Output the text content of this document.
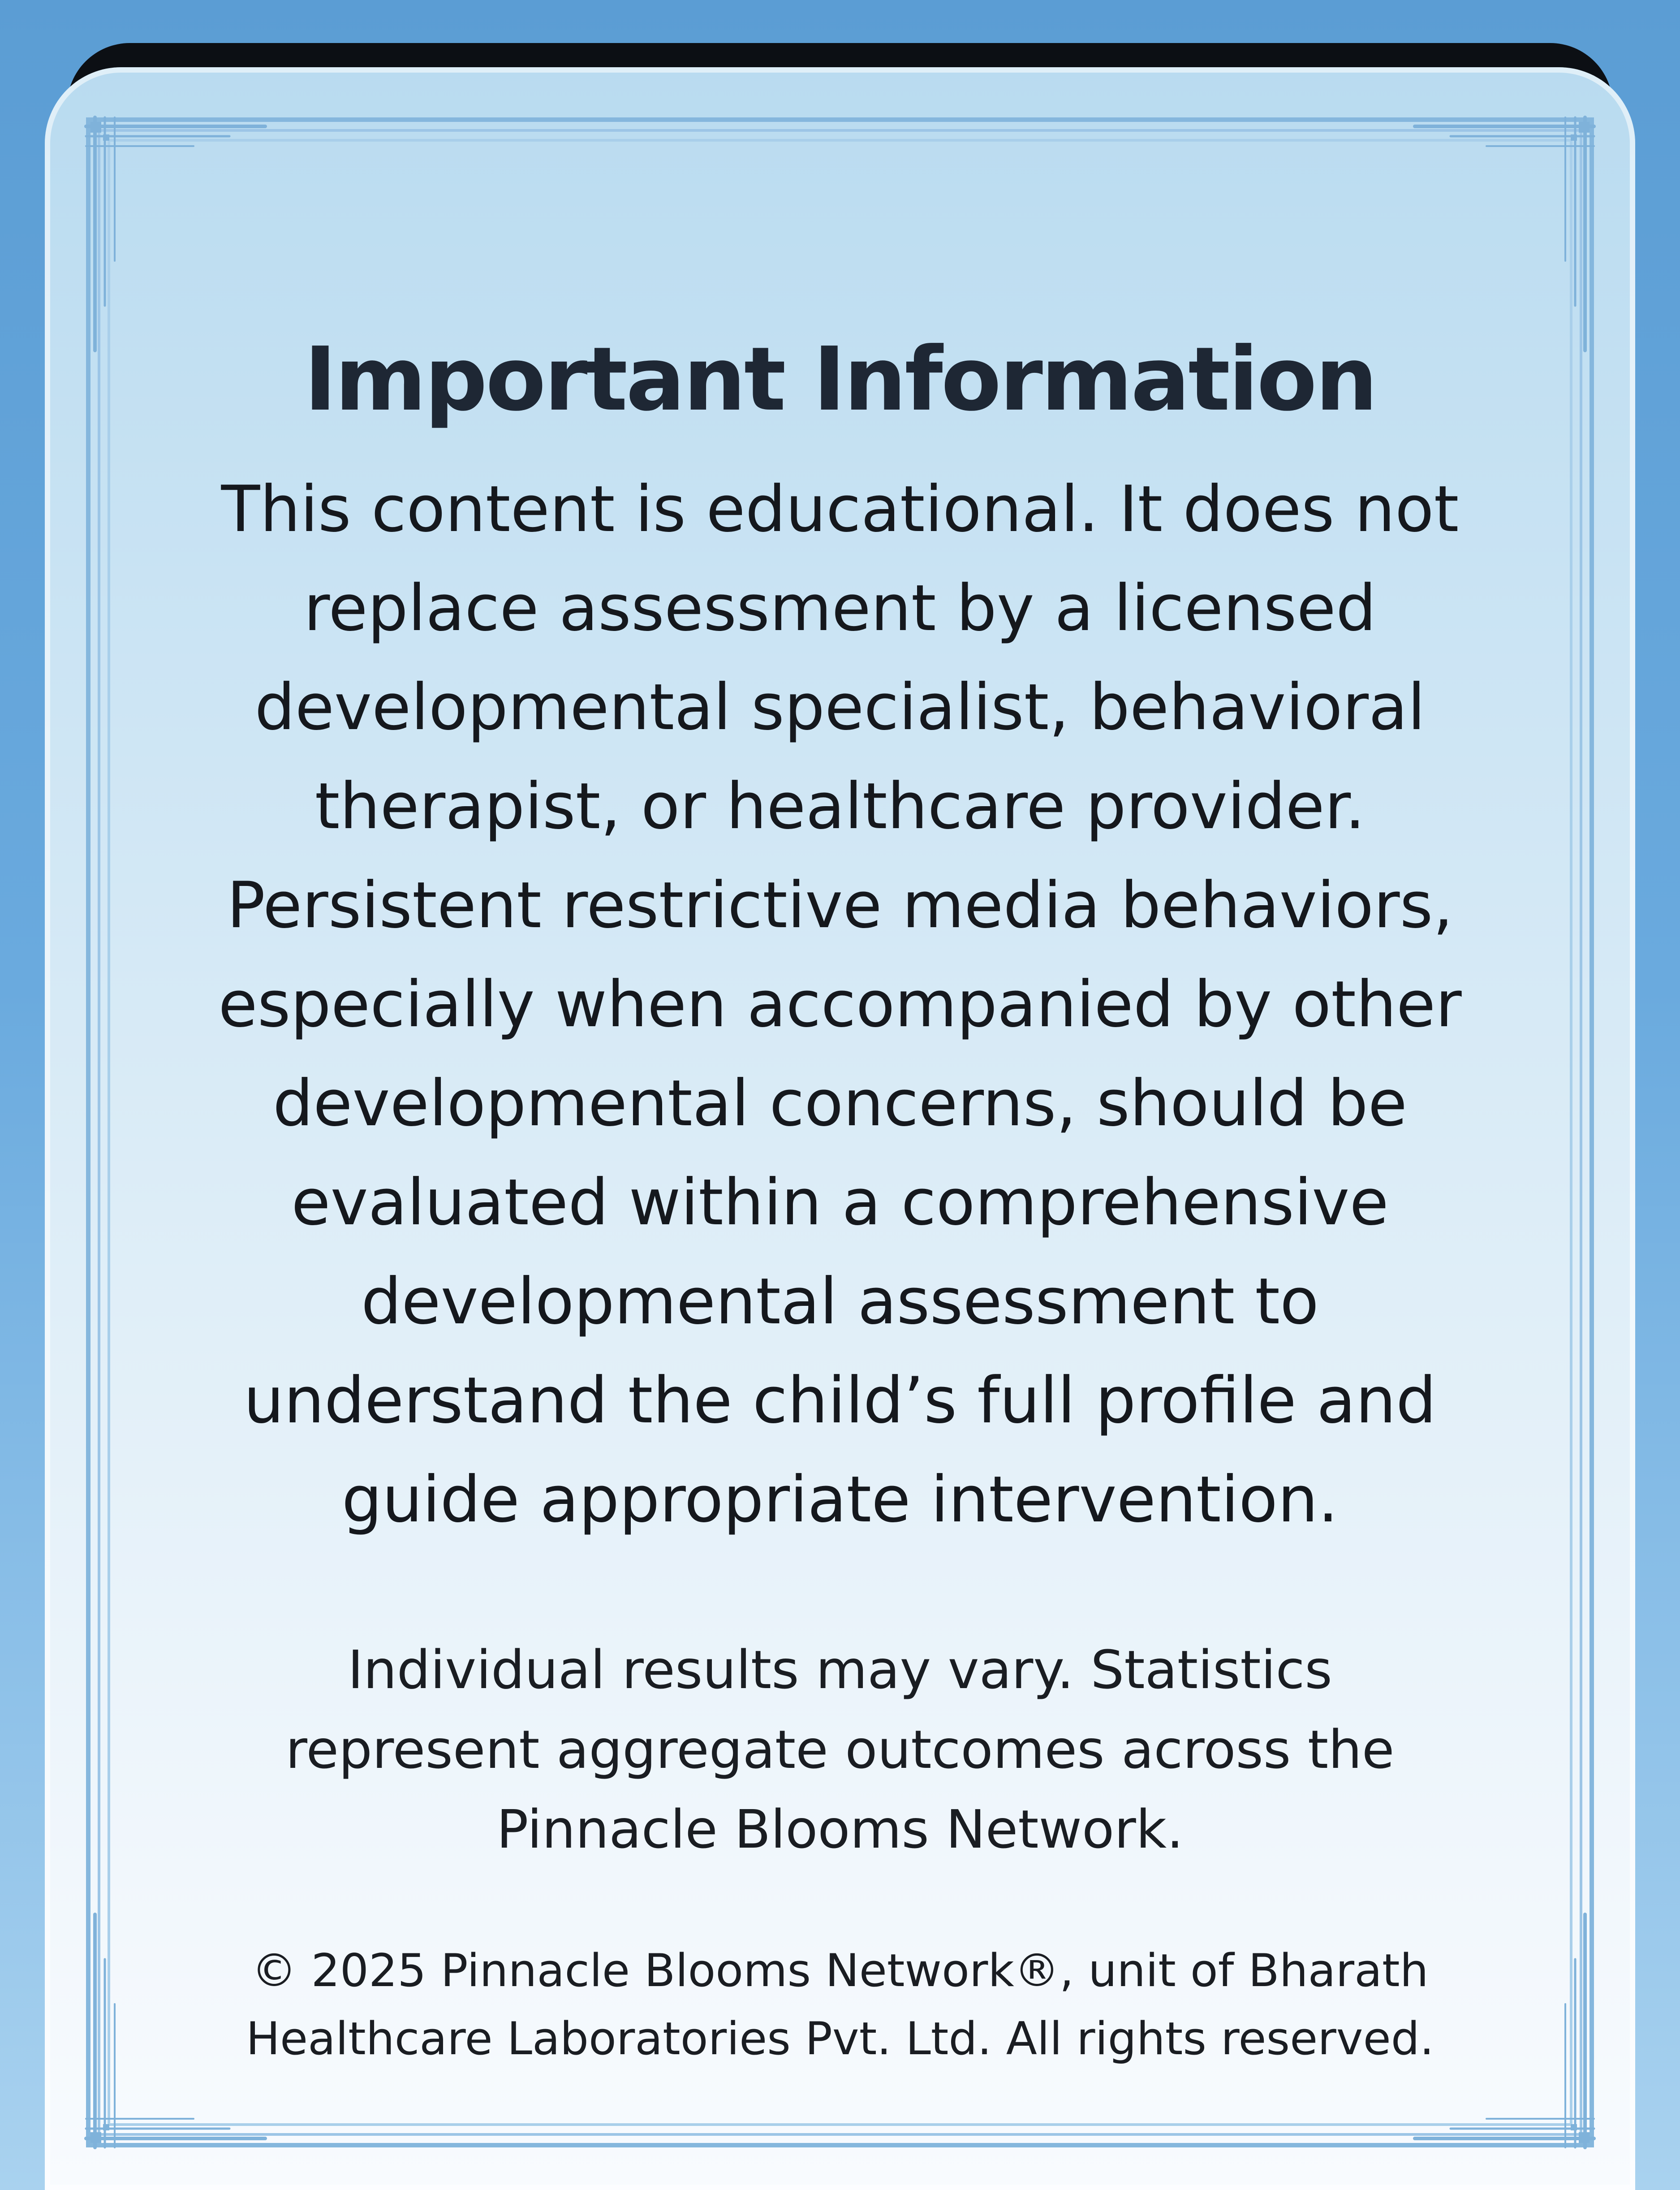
Important Information

This content is educational. It does not
replace assessment by a licensed
developmental specialist, behavioral
therapist, or healthcare provider.
Persistent restrictive media behaviors,
especially when accompanied by other
developmental concerns, should be
evaluated within a comprehensive
developmental assessment to
understand the child’s full profile and
guide appropriate intervention.

Individual results may vary. Statistics
represent aggregate outcomes across the
Pinnacle Blooms Network.

© 2025 Pinnacle Blooms Network®, unit of Bharath
Healthcare Laboratories Pvt. Ltd. All rights reserved.
